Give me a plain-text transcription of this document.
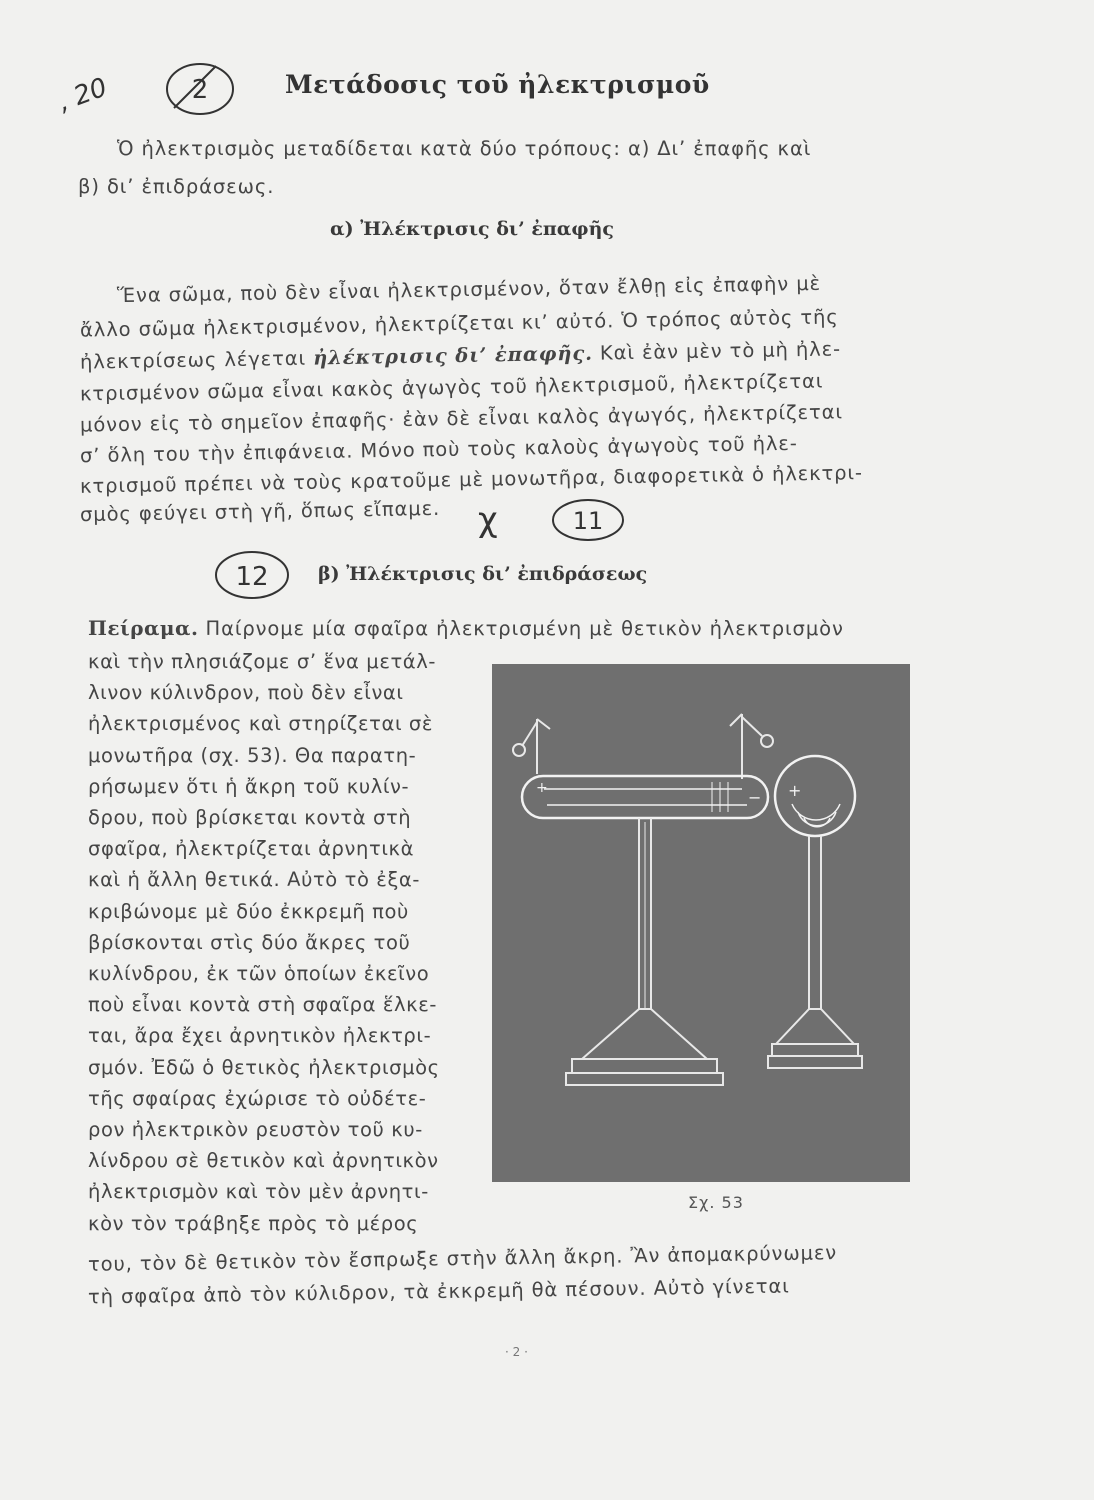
, 20	2	Μετάδοσις τοῦ ἠλεκτρισμοῦ
Ὁ ἠλεκτρισμὸς μεταδίδεται κατὰ δύο τρόπους: α) Δι’ ἐπαφῆς καὶ
β) δι’ ἐπιδράσεως.
α) Ἠλέκτρισις δι’ ἐπαφῆς
Ἕνα σῶμα, ποὺ δὲν εἶναι ἠλεκτρισμένον, ὅταν ἔλθῃ εἰς ἐπαφὴν μὲ
ἄλλο σῶμα ἠλεκτρισμένον, ἠλεκτρίζεται κι’ αὐτό. Ὁ τρόπος αὐτὸς τῆς
ἠλεκτρίσεως λέγεται ἠλέκτρισις δι’ ἐπαφῆς. Καὶ ἐὰν μὲν τὸ μὴ ἠλε-
κτρισμένον σῶμα εἶναι κακὸς ἀγωγὸς τοῦ ἠλεκτρισμοῦ, ἠλεκτρίζεται
μόνον εἰς τὸ σημεῖον ἐπαφῆς· ἐὰν δὲ εἶναι καλὸς ἀγωγός, ἠλεκτρίζεται
σ’ ὅλη του τὴν ἐπιφάνεια. Μόνο ποὺ τοὺς καλοὺς ἀγωγοὺς τοῦ ἠλε-
κτρισμοῦ πρέπει νὰ τοὺς κρατοῦμε μὲ μονωτῆρα, διαφορετικὰ ὁ ἠλεκτρι-
σμὸς φεύγει στὴ γῆ, ὅπως εἴπαμε. χ	11
12	β) Ἠλέκτρισις δι’ ἐπιδράσεως
Πείραμα. Παίρνομε μία σφαῖρα ἠλεκτρισμένη μὲ θετικὸν ἠλεκτρισμὸν
καὶ τὴν πλησιάζομε σ’ ἕνα μετάλ-
λινον κύλινδρον, ποὺ δὲν εἶναι
ἠλεκτρισμένος καὶ στηρίζεται σὲ
μονωτῆρα (σχ. 53). Θα παρατη-
ρήσωμεν ὅτι ἡ ἄκρη τοῦ κυλίν-
δρου, ποὺ βρίσκεται κοντὰ στὴ
σφαῖρα, ἠλεκτρίζεται ἀρνητικὰ
καὶ ἡ ἄλλη θετικά. Αὐτὸ τὸ ἐξα-
κριβώνομε μὲ δύο ἐκκρεμῆ ποὺ
βρίσκονται στὶς δύο ἄκρες τοῦ
κυλίνδρου, ἐκ τῶν ὁποίων ἐκεῖνο
ποὺ εἶναι κοντὰ στὴ σφαῖρα ἕλκε-
ται, ἄρα ἔχει ἀρνητικὸν ἠλεκτρι-
σμόν. Ἐδῶ ὁ θετικὸς ἠλεκτρισμὸς
τῆς σφαίρας ἐχώρισε τὸ οὐδέτε-
ρον ἠλεκτρικὸν ρευστὸν τοῦ κυ-
λίνδρου σὲ θετικὸν καὶ ἀρνητικὸν
ἠλεκτρισμὸν καὶ τὸν μὲν ἀρνητι-
κὸν τὸν τράβηξε πρὸς τὸ μέρος
+	− +
Σχ. 53
του, τὸν δὲ θετικὸν τὸν ἔσπρωξε στὴν ἄλλη ἄκρη. Ἂν ἀπομακρύνωμεν
τὴ σφαῖρα ἀπὸ τὸν κύλιδρον, τὰ ἐκκρεμῆ θὰ πέσουν. Αὐτὸ γίνεται
· 2 ·
